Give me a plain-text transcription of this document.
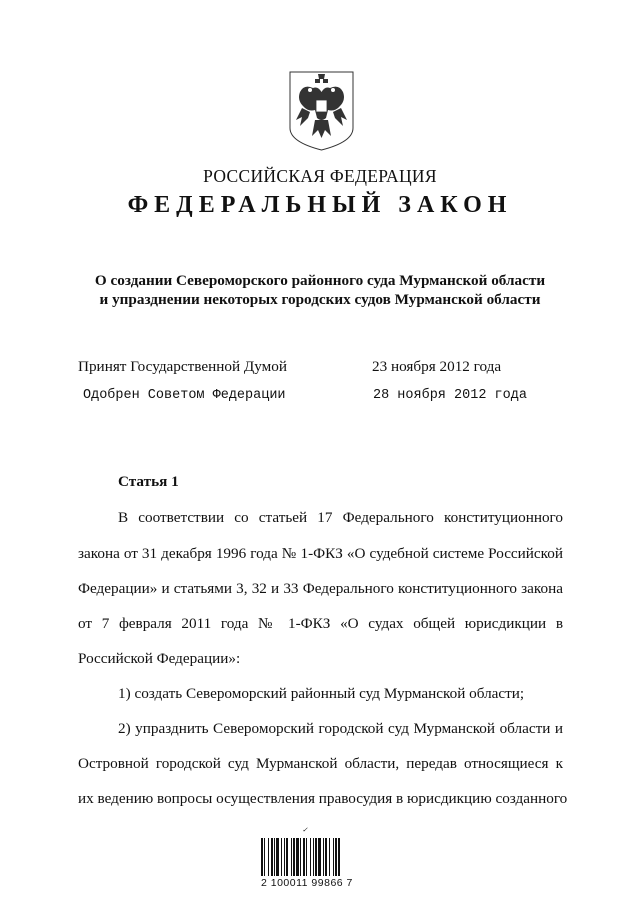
РОССИЙСКАЯ ФЕДЕРАЦИЯ
ФЕДЕРАЛЬНЫЙ ЗАКОН
О создании Североморского районного суда Мурманской области
и упразднении некоторых городских судов Мурманской области
Принят Государственной Думой	23 ноября 2012 года
Одобрен Советом Федерации	28 ноября 2012 года
Статья 1
В соответствии со статьей 17 Федерального конституционного
закона от 31 декабря 1996 года № 1-ФКЗ «О судебной системе Российской
Федерации» и статьями 3, 32 и 33 Федерального конституционного закона
от 7 февраля 2011 года № 1-ФКЗ «О судах общей юрисдикции в
Российской Федерации»:
1) создать Североморский районный суд Мурманской области;
2) упразднить Североморский городской суд Мурманской области и
Островной городской суд Мурманской области, передав относящиеся к
их ведению вопросы осуществления правосудия в юрисдикцию созданного
✓
2 100011 99866 7
